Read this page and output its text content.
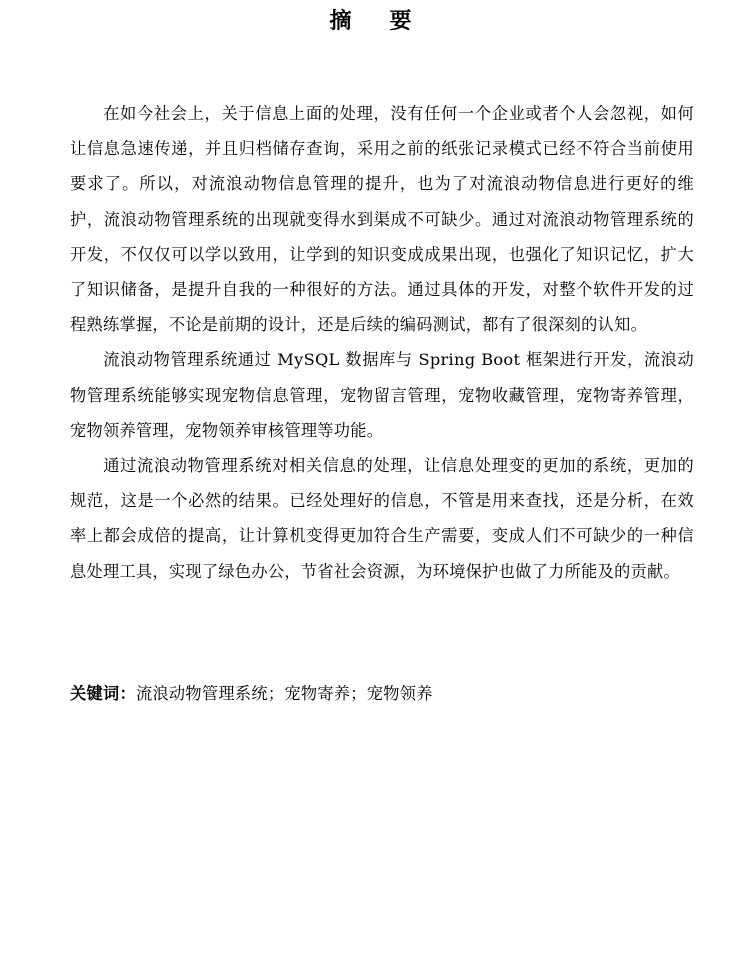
摘 要

在如今社会上，关于信息上面的处理，没有任何一个企业或者个人会忽视，如何让信息急速传递，并且归档储存查询，采用之前的纸张记录模式已经不符合当前使用要求了。所以，对流浪动物信息管理的提升，也为了对流浪动物信息进行更好的维护，流浪动物管理系统的出现就变得水到渠成不可缺少。通过对流浪动物管理系统的开发，不仅仅可以学以致用，让学到的知识变成成果出现，也强化了知识记忆，扩大了知识储备，是提升自我的一种很好的方法。通过具体的开发，对整个软件开发的过程熟练掌握，不论是前期的设计，还是后续的编码测试，都有了很深刻的认知。

流浪动物管理系统通过 MySQL 数据库与 Spring Boot 框架进行开发，流浪动物管理系统能够实现宠物信息管理，宠物留言管理，宠物收藏管理，宠物寄养管理，宠物领养管理，宠物领养审核管理等功能。

通过流浪动物管理系统对相关信息的处理，让信息处理变的更加的系统，更加的规范，这是一个必然的结果。已经处理好的信息，不管是用来查找，还是分析，在效率上都会成倍的提高，让计算机变得更加符合生产需要，变成人们不可缺少的一种信息处理工具，实现了绿色办公，节省社会资源，为环境保护也做了力所能及的贡献。

关键词：流浪动物管理系统；宠物寄养；宠物领养
